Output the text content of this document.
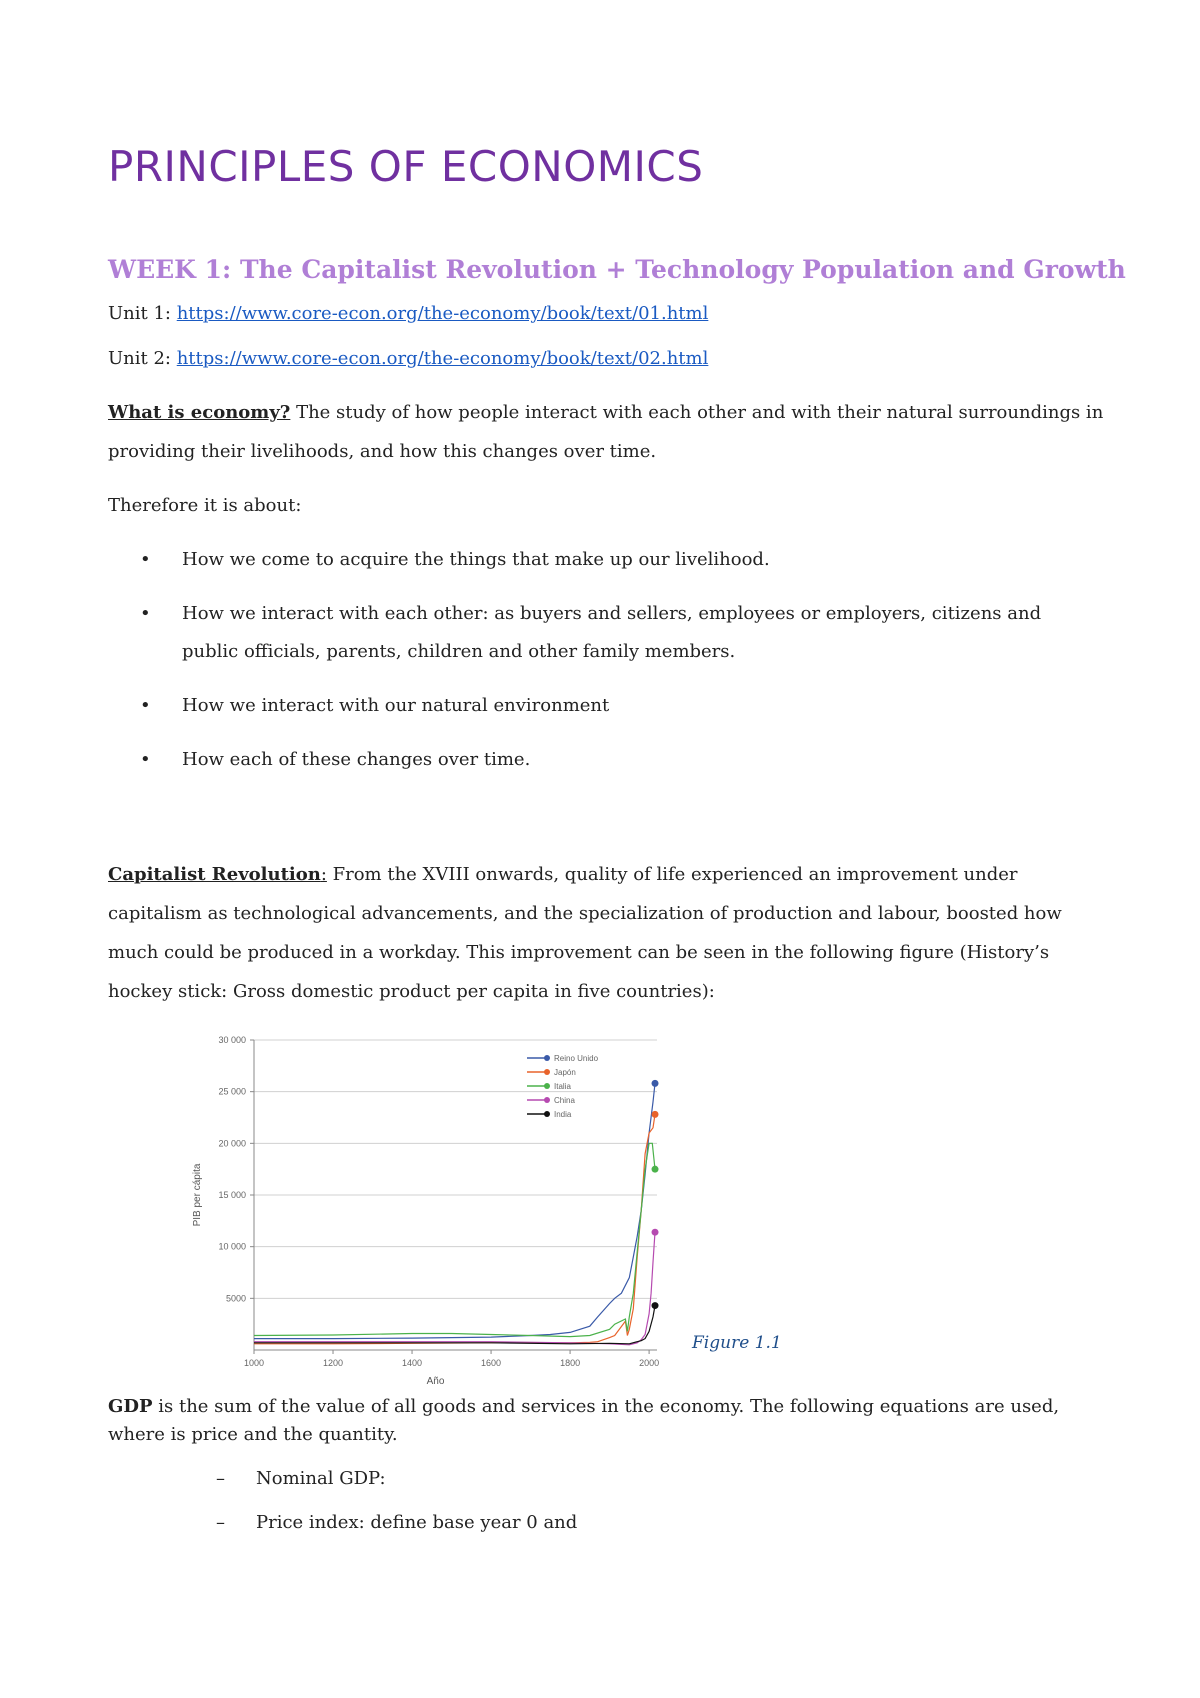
PRINCIPLES OF ECONOMICS
WEEK 1: The Capitalist Revolution + Technology Population and Growth
Unit 1: https://www.core-econ.org/the-economy/book/text/01.html
Unit 2: https://www.core-econ.org/the-economy/book/text/02.html
What is economy? The study of how people interact with each other and with their natural surroundings in providing their livelihoods, and how this changes over time.
Therefore it is about:
• How we come to acquire the things that make up our livelihood.
• How we interact with each other: as buyers and sellers, employees or employers, citizens and public officials, parents, children and other family members.
• How we interact with our natural environment
• How each of these changes over time.
Capitalist Revolution: From the XVIII onwards, quality of life experienced an improvement under capitalism as technological advancements, and the specialization of production and labour, boosted how much could be produced in a workday. This improvement can be seen in the following figure (History’s hockey stick: Gross domestic product per capita in five countries):
5000
10 000
15 000
20 000
25 000
30 000
1000	1200	1400	1600	1800	2000
Año
PIB per cápita
Reino Unido
Japón
Italia
China
India
Figure 1.1
GDP is the sum of the value of all goods and services in the economy. The following equations are used, where is price and the quantity.
– Nominal GDP:
– Price index: define base year 0 and
